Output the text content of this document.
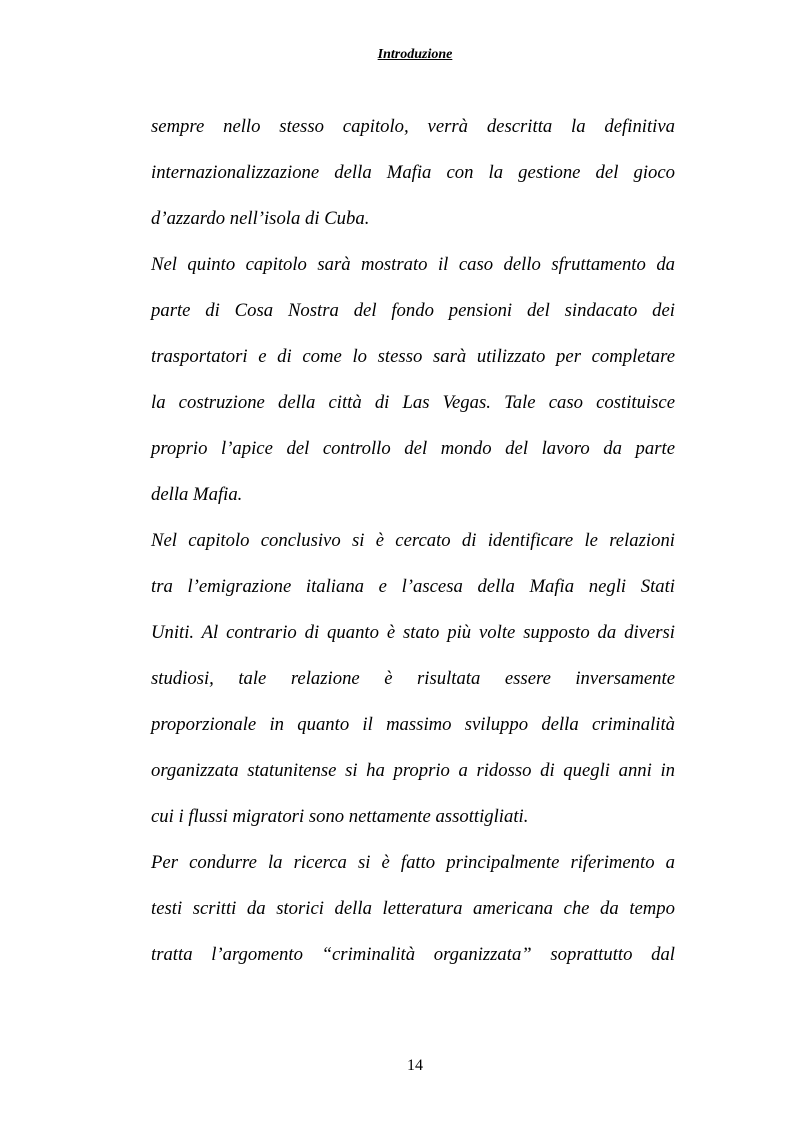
Introduzione
sempre nello stesso capitolo, verrà descritta la definitiva
internazionalizzazione della Mafia con la gestione del gioco
d’azzardo nell’isola di Cuba.
Nel quinto capitolo sarà mostrato il caso dello sfruttamento da
parte di Cosa Nostra del fondo pensioni del sindacato dei
trasportatori e di come lo stesso sarà utilizzato per completare
la costruzione della città di Las Vegas. Tale caso costituisce
proprio l’apice del controllo del mondo del lavoro da parte
della Mafia.
Nel capitolo conclusivo si è cercato di identificare le relazioni
tra l’emigrazione italiana e l’ascesa della Mafia negli Stati
Uniti. Al contrario di quanto è stato più volte supposto da diversi
studiosi, tale relazione è risultata essere inversamente
proporzionale in quanto il massimo sviluppo della criminalità
organizzata statunitense si ha proprio a ridosso di quegli anni in
cui i flussi migratori sono nettamente assottigliati.
Per condurre la ricerca si è fatto principalmente riferimento a
testi scritti da storici della letteratura americana che da tempo
tratta l’argomento “criminalità organizzata” soprattutto dal
14
